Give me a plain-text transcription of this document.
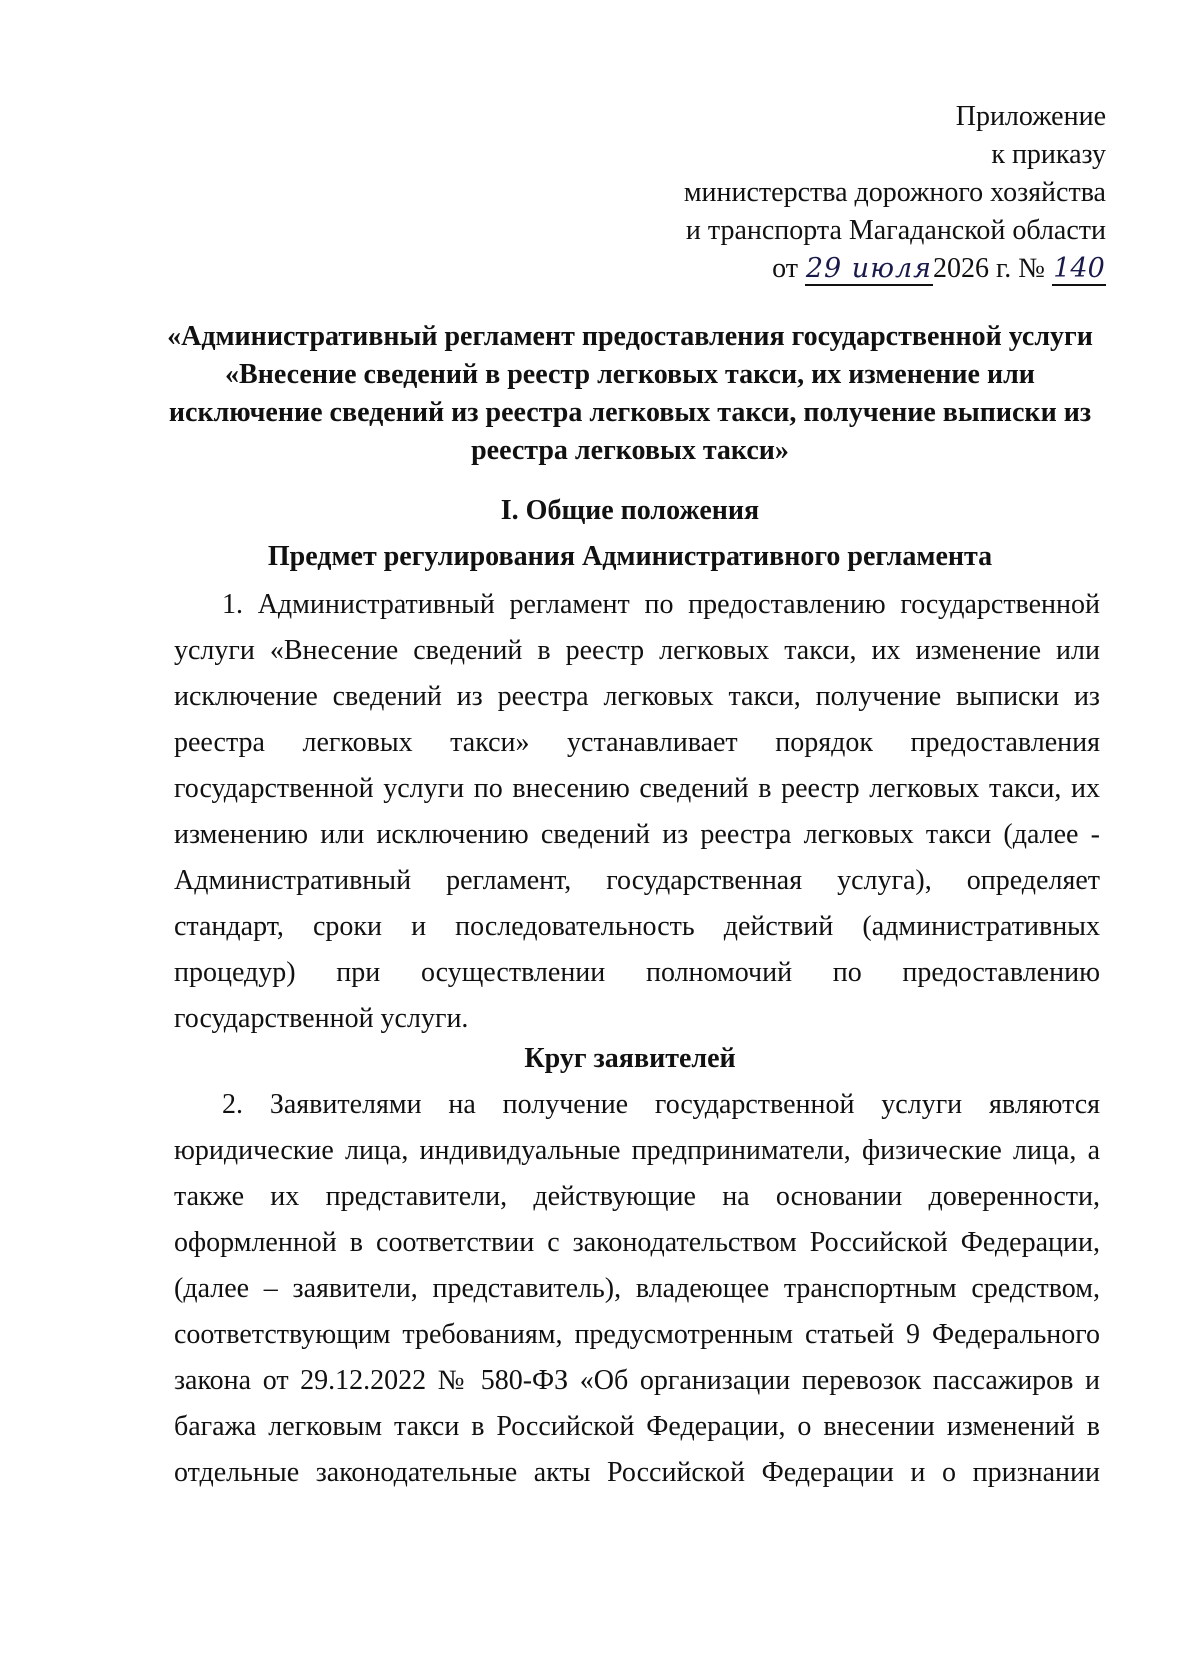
Приложение
к приказу
министерства дорожного хозяйства
и транспорта Магаданской области
от 29 июля2026 г. № 140
«Административный регламент предоставления государственной услуги
«Внесение сведений в реестр легковых такси, их изменение или
исключение сведений из реестра легковых такси, получение выписки из
реестра легковых такси»
I. Общие положения
Предмет регулирования Административного регламента
1. Административный регламент по предоставлению государственной
услуги «Внесение сведений в реестр легковых такси, их изменение или
исключение сведений из реестра легковых такси, получение выписки из
реестра легковых такси» устанавливает порядок предоставления
государственной услуги по внесению сведений в реестр легковых такси, их
изменению или исключению сведений из реестра легковых такси (далее -
Административный регламент, государственная услуга), определяет
стандарт, сроки и последовательность действий (административных
процедур) при осуществлении полномочий по предоставлению
государственной услуги.
Круг заявителей
2. Заявителями на получение государственной услуги являются
юридические лица, индивидуальные предприниматели, физические лица, а
также их представители, действующие на основании доверенности,
оформленной в соответствии с законодательством Российской Федерации,
(далее – заявители, представитель), владеющее транспортным средством,
соответствующим требованиям, предусмотренным статьей 9 Федерального
закона от 29.12.2022 № 580-ФЗ «Об организации перевозок пассажиров и
багажа легковым такси в Российской Федерации, о внесении изменений в
отдельные законодательные акты Российской Федерации и о признании
